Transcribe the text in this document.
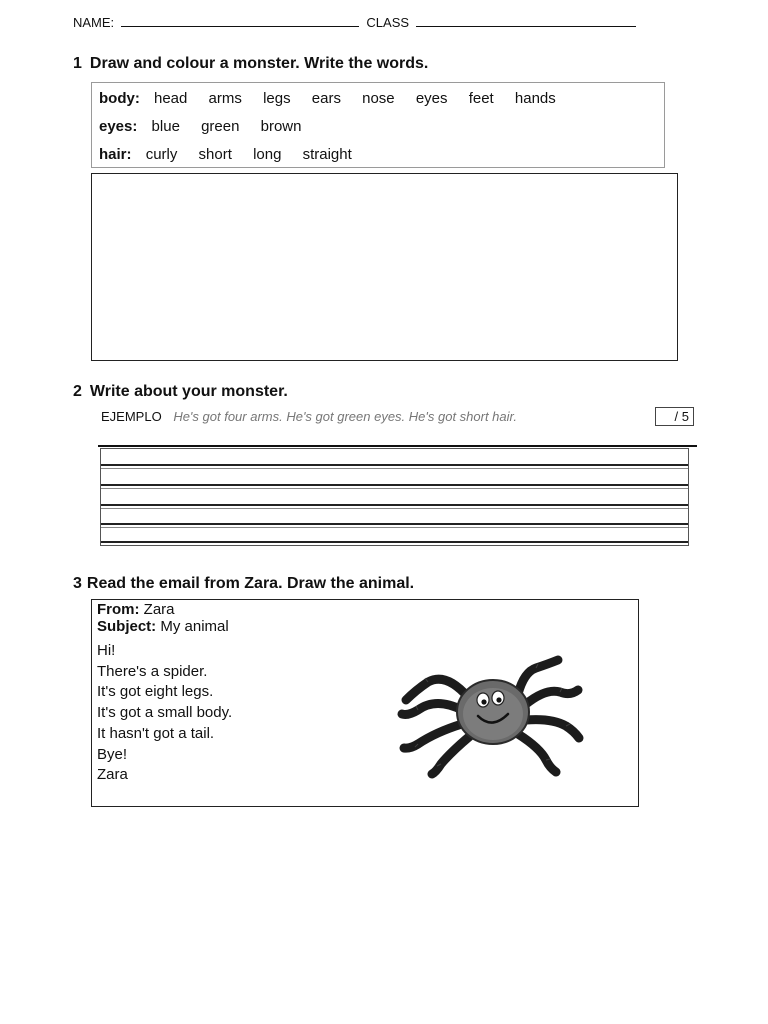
NAME:	CLASS
1 Draw and colour a monster. Write the words.
body: head arms legs ears nose eyes feet hands
eyes: blue green brown
hair: curly short long straight
2 Write about your monster.
EJEMPLO He's got four arms. He's got green eyes. He's got short hair.	/ 5
3 Read the email from Zara. Draw the animal.
From: Zara
Subject: My animal
Hi!
There's a spider.
It's got eight legs.
It's got a small body.
It hasn't got a tail.
Bye!
Zara
